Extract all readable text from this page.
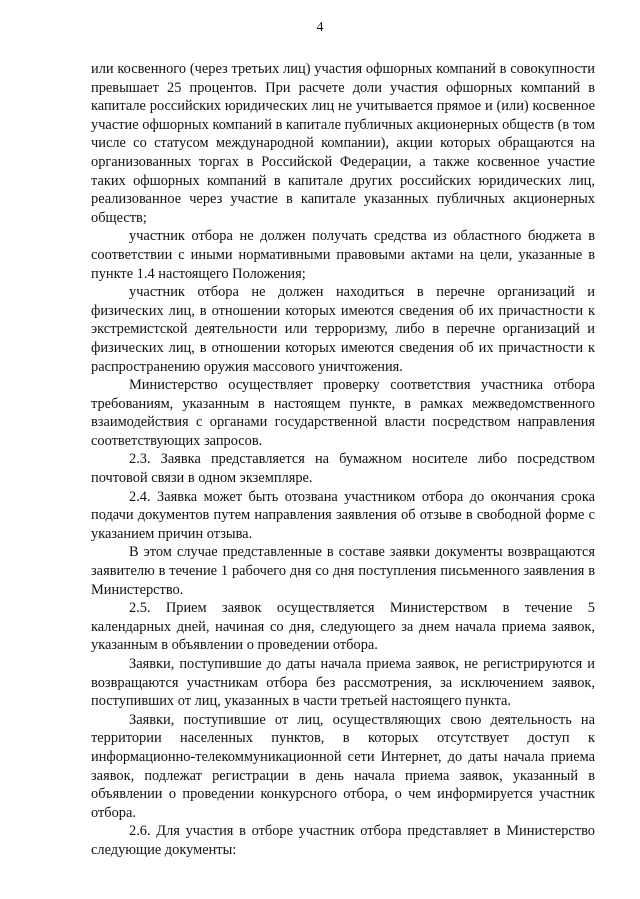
4

или косвенного (через третьих лиц) участия офшорных компаний в совокупности превышает 25 процентов. При расчете доли участия офшорных компаний в капитале российских юридических лиц не учитывается прямое и (или) косвенное участие офшорных компаний в капитале публичных акционерных обществ (в том числе со статусом международной компании), акции которых обращаются на организованных торгах в Российской Федерации, а также косвенное участие таких офшорных компаний в капитале других российских юридических лиц, реализованное через участие в капитале указанных публичных акционерных обществ;

участник отбора не должен получать средства из областного бюджета в соответствии с иными нормативными правовыми актами на цели, указанные в пункте 1.4 настоящего Положения;

участник отбора не должен находиться в перечне организаций и физических лиц, в отношении которых имеются сведения об их причастности к экстремистской деятельности или терроризму, либо в перечне организаций и физических лиц, в отношении которых имеются сведения об их причастности к распространению оружия массового уничтожения.

Министерство осуществляет проверку соответствия участника отбора требованиям, указанным в настоящем пункте, в рамках межведомственного взаимодействия с органами государственной власти посредством направления соответствующих запросов.

2.3. Заявка представляется на бумажном носителе либо посредством почтовой связи в одном экземпляре.

2.4. Заявка может быть отозвана участником отбора до окончания срока подачи документов путем направления заявления об отзыве в свободной форме с указанием причин отзыва.

В этом случае представленные в составе заявки документы возвращаются заявителю в течение 1 рабочего дня со дня поступления письменного заявления в Министерство.

2.5. Прием заявок осуществляется Министерством в течение 5 календарных дней, начиная со дня, следующего за днем начала приема заявок, указанным в объявлении о проведении отбора.

Заявки, поступившие до даты начала приема заявок, не регистрируются и возвращаются участникам отбора без рассмотрения, за исключением заявок, поступивших от лиц, указанных в части третьей настоящего пункта.

Заявки, поступившие от лиц, осуществляющих свою деятельность на территории населенных пунктов, в которых отсутствует доступ к информационно-телекоммуникационной сети Интернет, до даты начала приема заявок, подлежат регистрации в день начала приема заявок, указанный в объявлении о проведении конкурсного отбора, о чем информируется участник отбора.

2.6. Для участия в отборе участник отбора представляет в Министерство следующие документы:
